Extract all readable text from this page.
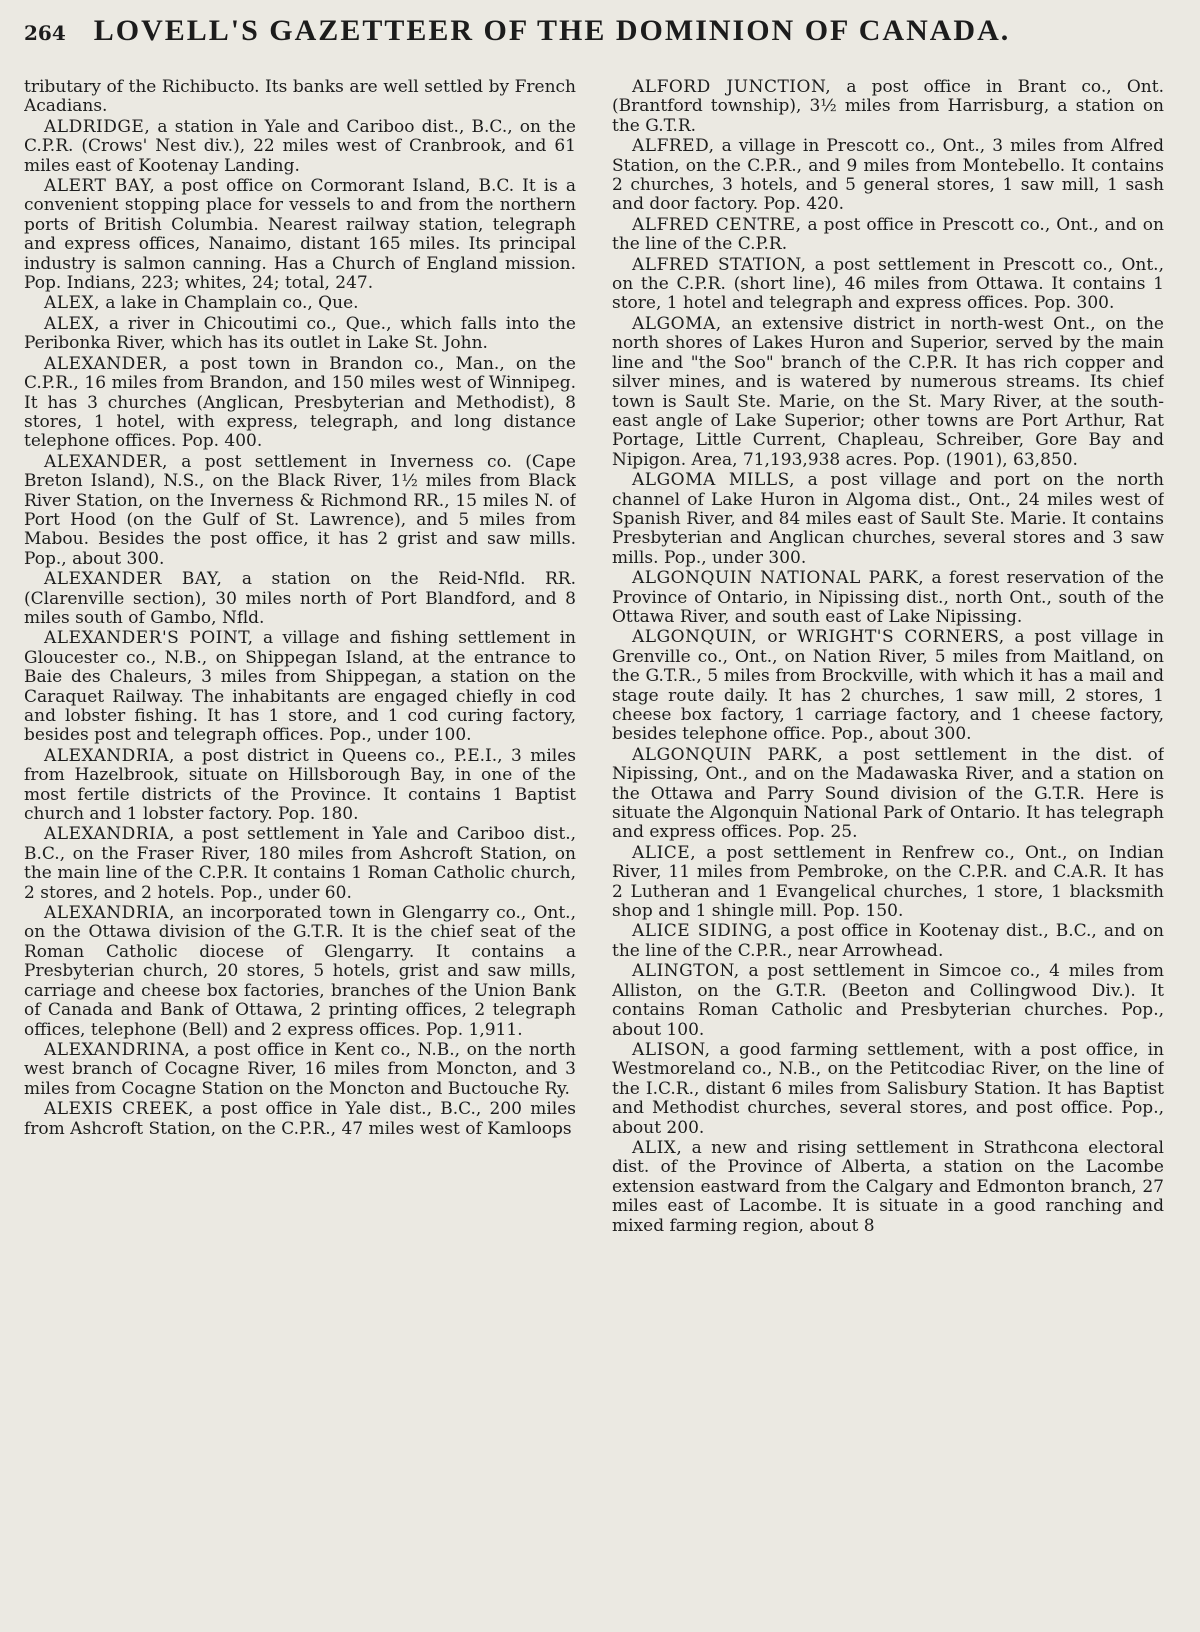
264 LOVELL'S GAZETTEER OF THE DOMINION OF CANADA.

tributary of the Richibucto. Its banks are well settled by French Acadians.

ALDRIDGE, a station in Yale and Cariboo dist., B.C., on the C.P.R. (Crows' Nest div.), 22 miles west of Cranbrook, and 61 miles east of Kootenay Landing.

ALERT BAY, a post office on Cormorant Island, B.C. It is a convenient stopping place for vessels to and from the northern ports of British Columbia. Nearest railway station, telegraph and express offices, Nanaimo, distant 165 miles. Its principal industry is salmon canning. Has a Church of England mission. Pop. Indians, 223; whites, 24; total, 247.

ALEX, a lake in Champlain co., Que.

ALEX, a river in Chicoutimi co., Que., which falls into the Peribonka River, which has its outlet in Lake St. John.

ALEXANDER, a post town in Brandon co., Man., on the C.P.R., 16 miles from Brandon, and 150 miles west of Winnipeg. It has 3 churches (Anglican, Presbyterian and Methodist), 8 stores, 1 hotel, with express, telegraph, and long distance telephone offices. Pop. 400.

ALEXANDER, a post settlement in Inverness co. (Cape Breton Island), N.S., on the Black River, 1½ miles from Black River Station, on the Inverness & Richmond RR., 15 miles N. of Port Hood (on the Gulf of St. Lawrence), and 5 miles from Mabou. Besides the post office, it has 2 grist and saw mills. Pop., about 300.

ALEXANDER BAY, a station on the Reid-Nfld. RR. (Clarenville section), 30 miles north of Port Blandford, and 8 miles south of Gambo, Nfld.

ALEXANDER'S POINT, a village and fishing settlement in Gloucester co., N.B., on Shippegan Island, at the entrance to Baie des Chaleurs, 3 miles from Shippegan, a station on the Caraquet Railway. The inhabitants are engaged chiefly in cod and lobster fishing. It has 1 store, and 1 cod curing factory, besides post and telegraph offices. Pop., under 100.

ALEXANDRIA, a post district in Queens co., P.E.I., 3 miles from Hazelbrook, situate on Hillsborough Bay, in one of the most fertile districts of the Province. It contains 1 Baptist church and 1 lobster factory. Pop. 180.

ALEXANDRIA, a post settlement in Yale and Cariboo dist., B.C., on the Fraser River, 180 miles from Ashcroft Station, on the main line of the C.P.R. It contains 1 Roman Catholic church, 2 stores, and 2 hotels. Pop., under 60.

ALEXANDRIA, an incorporated town in Glengarry co., Ont., on the Ottawa division of the G.T.R. It is the chief seat of the Roman Catholic diocese of Glengarry. It contains a Presbyterian church, 20 stores, 5 hotels, grist and saw mills, carriage and cheese box factories, branches of the Union Bank of Canada and Bank of Ottawa, 2 printing offices, 2 telegraph offices, telephone (Bell) and 2 express offices. Pop. 1,911.

ALEXANDRINA, a post office in Kent co., N.B., on the north west branch of Cocagne River, 16 miles from Moncton, and 3 miles from Cocagne Station on the Moncton and Buctouche Ry.

ALEXIS CREEK, a post office in Yale dist., B.C., 200 miles from Ashcroft Station, on the C.P.R., 47 miles west of Kamloops

ALFORD JUNCTION, a post office in Brant co., Ont. (Brantford township), 3½ miles from Harrisburg, a station on the G.T.R.

ALFRED, a village in Prescott co., Ont., 3 miles from Alfred Station, on the C.P.R., and 9 miles from Montebello. It contains 2 churches, 3 hotels, and 5 general stores, 1 saw mill, 1 sash and door factory. Pop. 420.

ALFRED CENTRE, a post office in Prescott co., Ont., and on the line of the C.P.R.

ALFRED STATION, a post settlement in Prescott co., Ont., on the C.P.R. (short line), 46 miles from Ottawa. It contains 1 store, 1 hotel and telegraph and express offices. Pop. 300.

ALGOMA, an extensive district in north-west Ont., on the north shores of Lakes Huron and Superior, served by the main line and "the Soo" branch of the C.P.R. It has rich copper and silver mines, and is watered by numerous streams. Its chief town is Sault Ste. Marie, on the St. Mary River, at the south-east angle of Lake Superior; other towns are Port Arthur, Rat Portage, Little Current, Chapleau, Schreiber, Gore Bay and Nipigon. Area, 71,193,938 acres. Pop. (1901), 63,850.

ALGOMA MILLS, a post village and port on the north channel of Lake Huron in Algoma dist., Ont., 24 miles west of Spanish River, and 84 miles east of Sault Ste. Marie. It contains Presbyterian and Anglican churches, several stores and 3 saw mills. Pop., under 300.

ALGONQUIN NATIONAL PARK, a forest reservation of the Province of Ontario, in Nipissing dist., north Ont., south of the Ottawa River, and south east of Lake Nipissing.

ALGONQUIN, or WRIGHT'S CORNERS, a post village in Grenville co., Ont., on Nation River, 5 miles from Maitland, on the G.T.R., 5 miles from Brockville, with which it has a mail and stage route daily. It has 2 churches, 1 saw mill, 2 stores, 1 cheese box factory, 1 carriage factory, and 1 cheese factory, besides telephone office. Pop., about 300.

ALGONQUIN PARK, a post settlement in the dist. of Nipissing, Ont., and on the Madawaska River, and a station on the Ottawa and Parry Sound division of the G.T.R. Here is situate the Algonquin National Park of Ontario. It has telegraph and express offices. Pop. 25.

ALICE, a post settlement in Renfrew co., Ont., on Indian River, 11 miles from Pembroke, on the C.P.R. and C.A.R. It has 2 Lutheran and 1 Evangelical churches, 1 store, 1 blacksmith shop and 1 shingle mill. Pop. 150.

ALICE SIDING, a post office in Kootenay dist., B.C., and on the line of the C.P.R., near Arrowhead.

ALINGTON, a post settlement in Simcoe co., 4 miles from Alliston, on the G.T.R. (Beeton and Collingwood Div.). It contains Roman Catholic and Presbyterian churches. Pop., about 100.

ALISON, a good farming settlement, with a post office, in Westmoreland co., N.B., on the Petitcodiac River, on the line of the I.C.R., distant 6 miles from Salisbury Station. It has Baptist and Methodist churches, several stores, and post office. Pop., about 200.

ALIX, a new and rising settlement in Strathcona electoral dist. of the Province of Alberta, a station on the Lacombe extension eastward from the Calgary and Edmonton branch, 27 miles east of Lacombe. It is situate in a good ranching and mixed farming region, about 8
